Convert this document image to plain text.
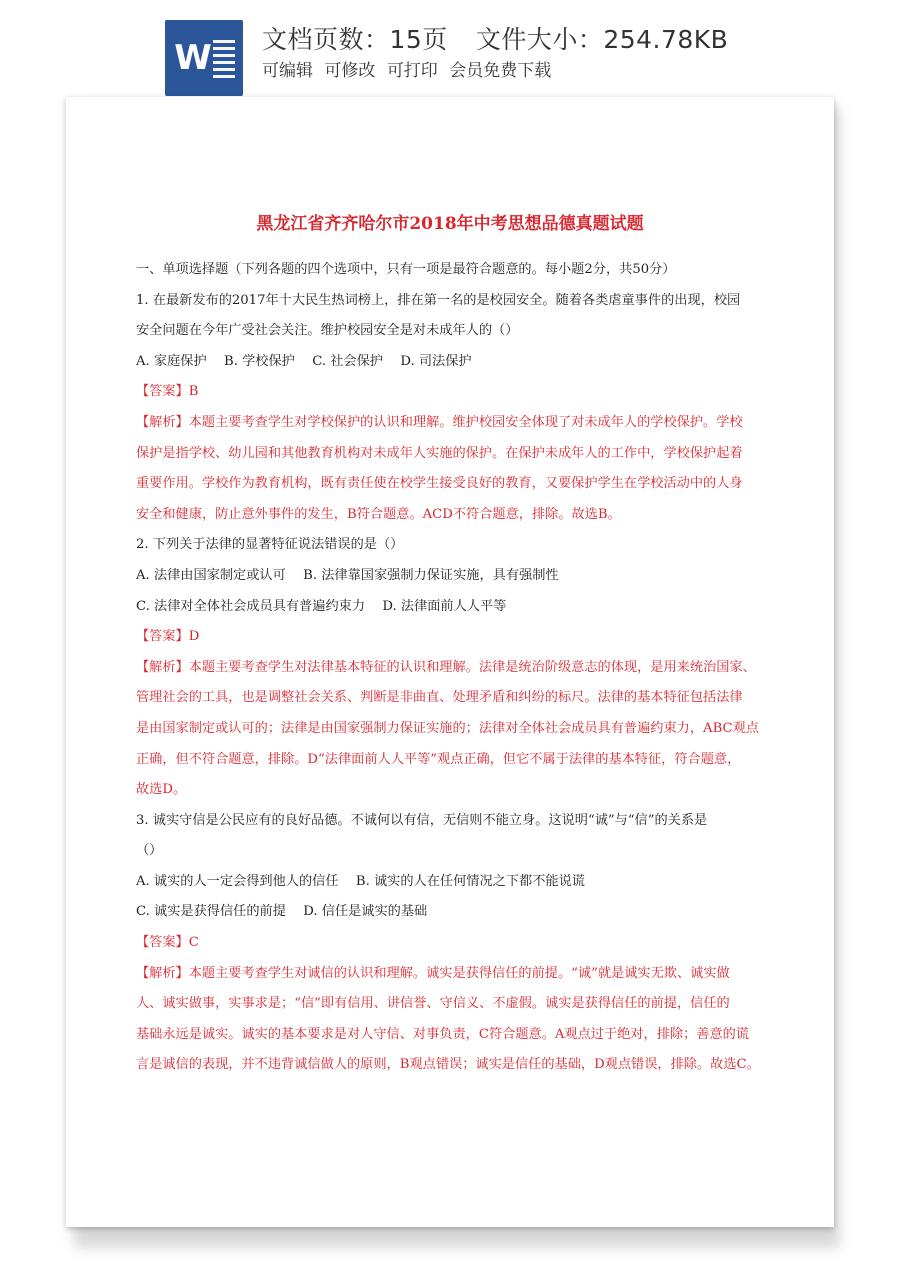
W 文档页数：15页 文件大小：254.78KB
可编辑 可修改 可打印 会员免费下载
黑龙江省齐齐哈尔市2018年中考思想品德真题试题

一、单项选择题（下列各题的四个选项中，只有一项是最符合题意的。每小题2分，共50分）

1. 在最新发布的2017年十大民生热词榜上，排在第一名的是校园安全。随着各类虐童事件的出现，校园

安全问题在今年广受社会关注。维护校园安全是对未成年人的（）

A. 家庭保护　 B. 学校保护　 C. 社会保护　 D. 司法保护

【答案】B

【解析】本题主要考查学生对学校保护的认识和理解。维护校园安全体现了对未成年人的学校保护。学校

保护是指学校、幼儿园和其他教育机构对未成年人实施的保护。在保护未成年人的工作中，学校保护起着

重要作用。学校作为教育机构，既有责任使在校学生接受良好的教育，又要保护学生在学校活动中的人身

安全和健康，防止意外事件的发生，B符合题意。ACD不符合题意，排除。故选B。

2. 下列关于法律的显著特征说法错误的是（）

A. 法律由国家制定或认可　 B. 法律靠国家强制力保证实施，具有强制性

C. 法律对全体社会成员具有普遍约束力　 D. 法律面前人人平等

【答案】D

【解析】本题主要考查学生对法律基本特征的认识和理解。法律是统治阶级意志的体现，是用来统治国家、

管理社会的工具，也是调整社会关系、判断是非曲直、处理矛盾和纠纷的标尺。法律的基本特征包括法律

是由国家制定或认可的；法律是由国家强制力保证实施的；法律对全体社会成员具有普遍约束力，ABC观点

正确，但不符合题意，排除。D“法律面前人人平等”观点正确，但它不属于法律的基本特征，符合题意，

故选D。

3. 诚实守信是公民应有的良好品德。不诚何以有信，无信则不能立身。这说明“诚”与“信”的关系是

（）

A. 诚实的人一定会得到他人的信任　 B. 诚实的人在任何情况之下都不能说谎

C. 诚实是获得信任的前提　 D. 信任是诚实的基础

【答案】C

【解析】本题主要考查学生对诚信的认识和理解。诚实是获得信任的前提。“诚”就是诚实无欺、诚实做

人、诚实做事，实事求是；“信”即有信用、讲信誉、守信义、不虚假。诚实是获得信任的前提，信任的

基础永远是诚实。诚实的基本要求是对人守信、对事负责，C符合题意。A观点过于绝对，排除；善意的谎

言是诚信的表现，并不违背诚信做人的原则，B观点错误；诚实是信任的基础，D观点错误，排除。故选C。
